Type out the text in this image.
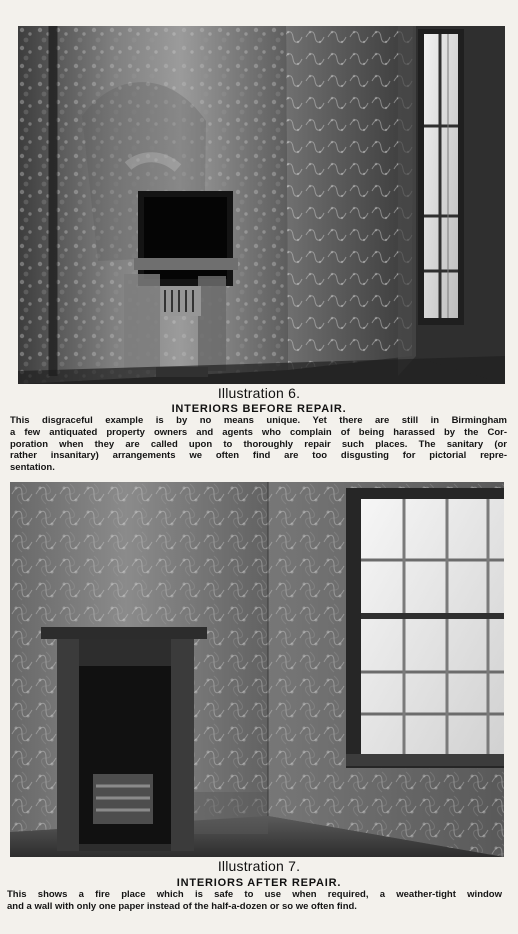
Illustration 6.
INTERIORS BEFORE REPAIR.
This disgraceful example is by no means unique. Yet there are still in Birmingham
a few antiquated property owners and agents who complain of being harassed by the Cor-
poration when they are called upon to thoroughly repair such places. The sanitary (or
rather insanitary) arrangements we often find are too disgusting for pictorial repre-
sentation.
Illustration 7.
INTERIORS AFTER REPAIR.
This shows a fire place which is safe to use when required, a weather-tight window
and a wall with only one paper instead of the half-a-dozen or so we often find.
